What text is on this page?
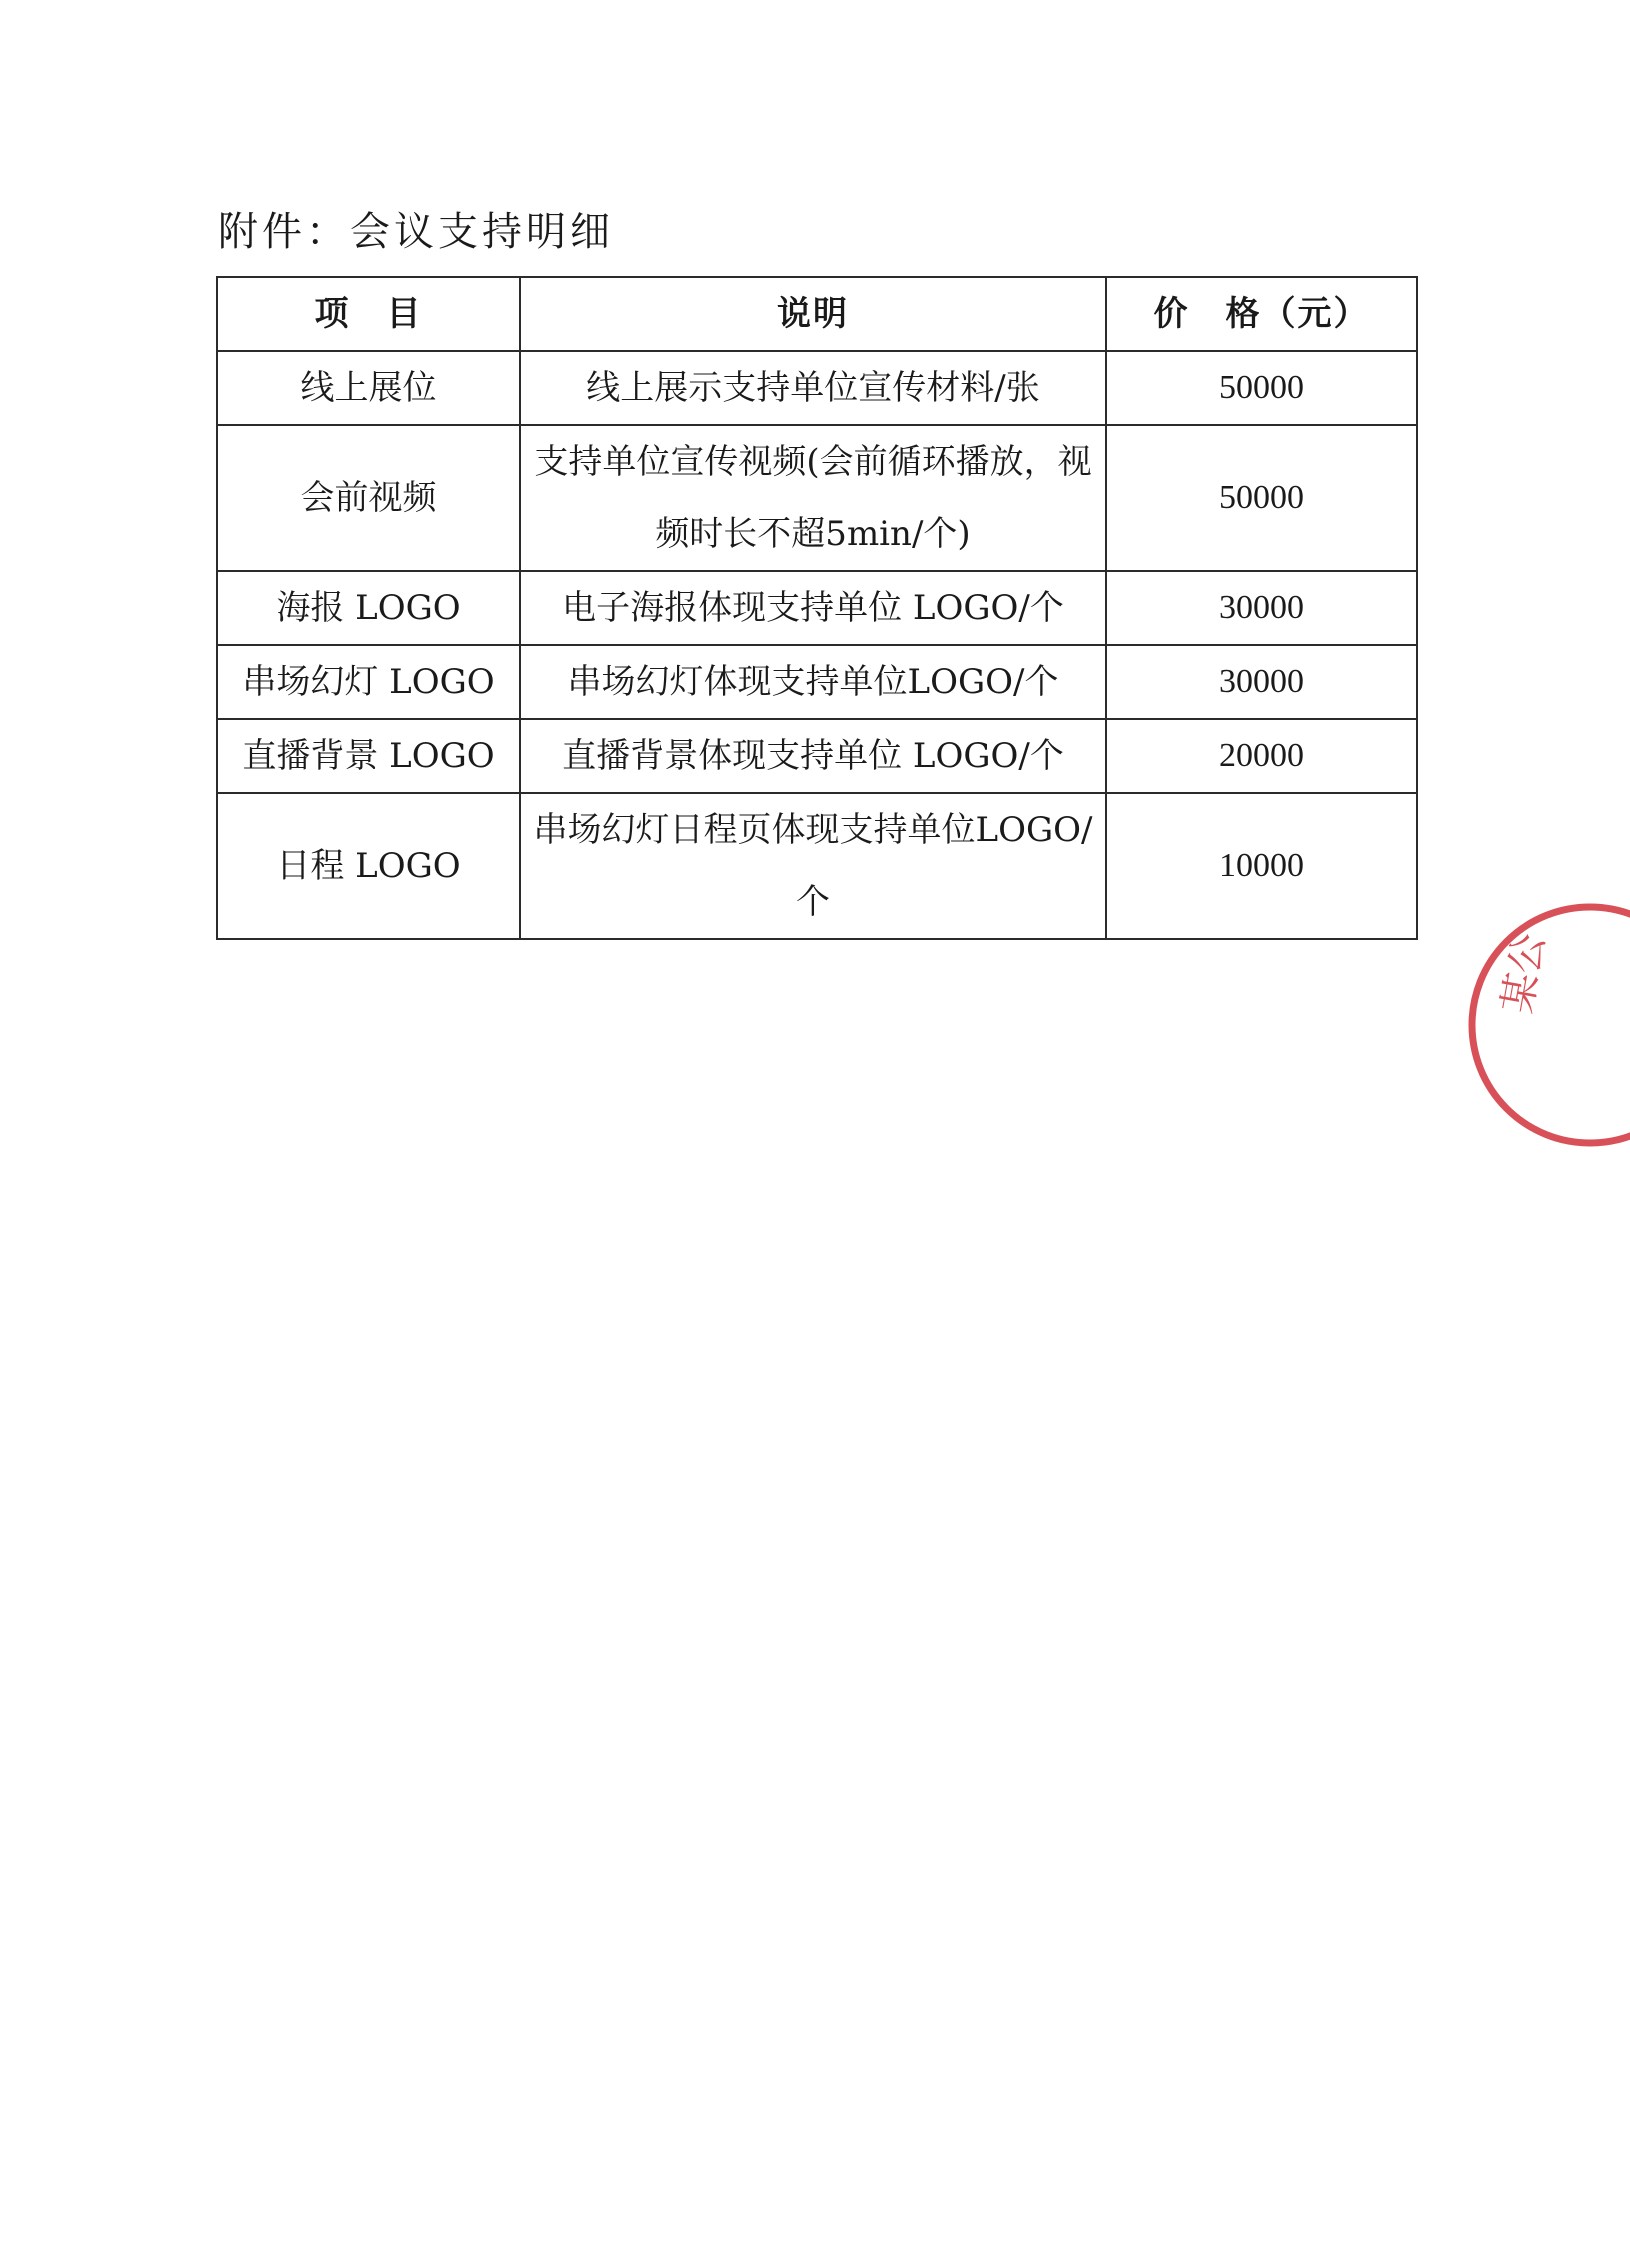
附件：会议支持明细
项　目	说明	价　格（元）
线上展位	线上展示支持单位宣传材料/张	50000
会前视频	支持单位宣传视频(会前循环播放，视频时长不超5min/个)	50000
海报 LOGO	电子海报体现支持单位 LOGO/个	30000
串场幻灯 LOGO	串场幻灯体现支持单位LOGO/个	30000
直播背景 LOGO	直播背景体现支持单位 LOGO/个	20000
日程 LOGO	串场幻灯日程页体现支持单位LOGO/个	10000
某公
